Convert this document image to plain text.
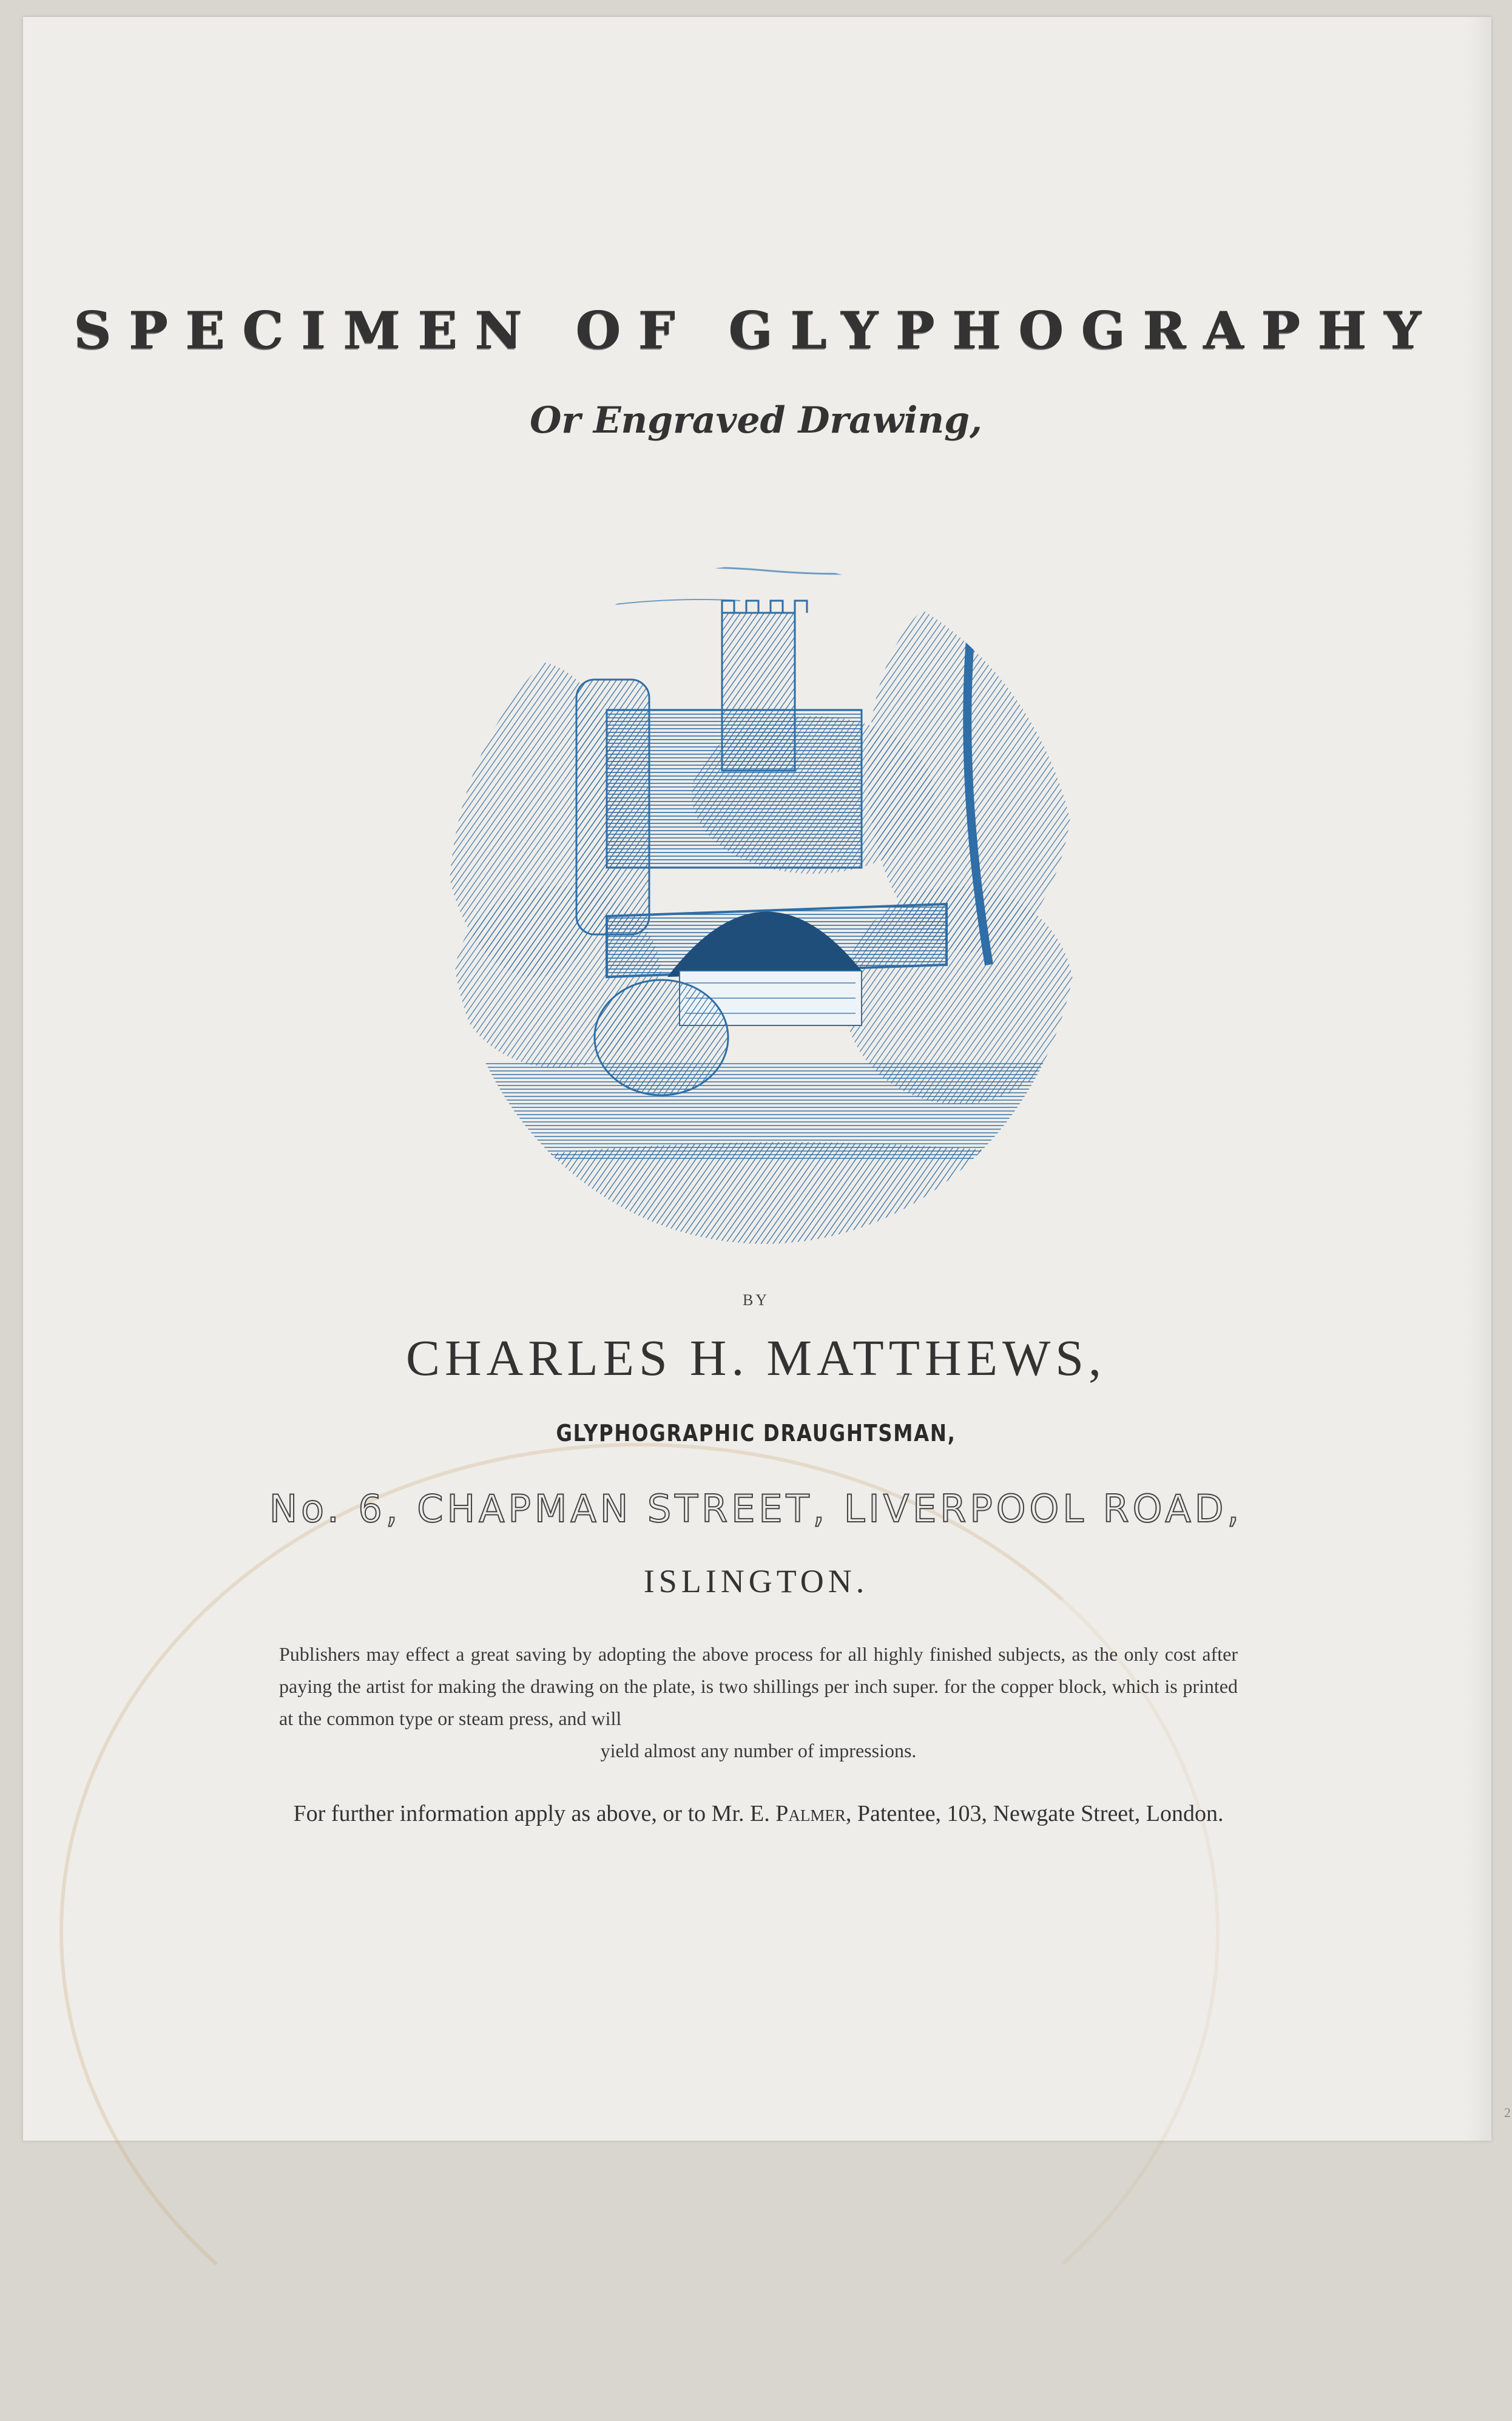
SPECIMEN OF GLYPHOGRAPHY
Or Engraved Drawing,
BY
CHARLES H. MATTHEWS,
GLYPHOGRAPHIC DRAUGHTSMAN,
No. 6, CHAPMAN STREET, LIVERPOOL ROAD,
ISLINGTON.
Publishers may effect a great saving by adopting the above process for all highly finished subjects, as the only cost after paying the artist for making the drawing on the plate, is two shillings per inch super. for the copper block, which is printed at the common type or steam press, and will
yield almost any number of impressions.
For further information apply as above, or to Mr. E. Palmer, Patentee, 103, Newgate Street, London.
2
